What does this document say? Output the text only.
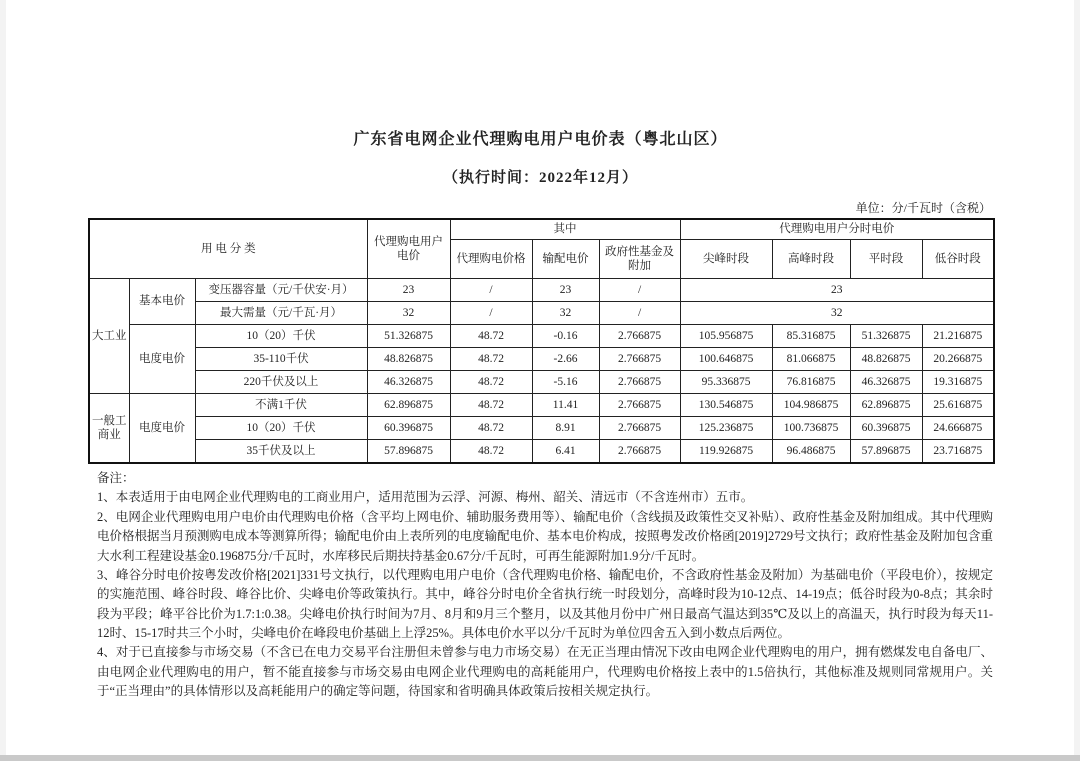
广东省电网企业代理购电用户电价表（粤北山区）
（执行时间：2022年12月）
单位：分/千瓦时（含税）
用 电 分 类			代理购电用户电价	其中			代理购电用户分时电价			
				代理购电价格	输配电价	政府性基金及附加	尖峰时段	高峰时段	平时段	低谷时段
大工业	基本电价	变压器容量（元/千伏安·月）	23	/	23	/	23			
		最大需量（元/千瓦·月）	32	/	32	/	32			
	电度电价	10（20）千伏	51.326875	48.72	-0.16	2.766875	105.956875	85.316875	51.326875	21.216875
		35-110千伏	48.826875	48.72	-2.66	2.766875	100.646875	81.066875	48.826875	20.266875
		220千伏及以上	46.326875	48.72	-5.16	2.766875	95.336875	76.816875	46.326875	19.316875
一般工商业	电度电价	不满1千伏	62.896875	48.72	11.41	2.766875	130.546875	104.986875	62.896875	25.616875
		10（20）千伏	60.396875	48.72	8.91	2.766875	125.236875	100.736875	60.396875	24.666875
		35千伏及以上	57.896875	48.72	6.41	2.766875	119.926875	96.486875	57.896875	23.716875

备注：

1、本表适用于由电网企业代理购电的工商业用户，适用范围为云浮、河源、梅州、韶关、清远市（不含连州市）五市。

2、电网企业代理购电用户电价由代理购电价格（含平均上网电价、辅助服务费用等）、输配电价（含线损及政策性交叉补贴）、政府性基金及附加组成。其中代理购电价格根据当月预测购电成本等测算所得；输配电价由上表所列的电度输配电价、基本电价构成，按照粤发改价格函[2019]2729号文执行；政府性基金及附加包含重大水利工程建设基金0.196875分/千瓦时，水库移民后期扶持基金0.67分/千瓦时，可再生能源附加1.9分/千瓦时。

3、峰谷分时电价按粤发改价格[2021]331号文执行，以代理购电用户电价（含代理购电价格、输配电价，不含政府性基金及附加）为基础电价（平段电价），按规定的实施范围、峰谷时段、峰谷比价、尖峰电价等政策执行。其中，峰谷分时电价全省执行统一时段划分，高峰时段为10-12点、14-19点；低谷时段为0-8点；其余时段为平段；峰平谷比价为1.7:1:0.38。尖峰电价执行时间为7月、8月和9月三个整月，以及其他月份中广州日最高气温达到35℃及以上的高温天，执行时段为每天11-12时、15-17时共三个小时，尖峰电价在峰段电价基础上上浮25%。具体电价水平以分/千瓦时为单位四舍五入到小数点后两位。

4、对于已直接参与市场交易（不含已在电力交易平台注册但未曾参与电力市场交易）在无正当理由情况下改由电网企业代理购电的用户，拥有燃煤发电自备电厂、由电网企业代理购电的用户，暂不能直接参与市场交易由电网企业代理购电的高耗能用户，代理购电价格按上表中的1.5倍执行，其他标准及规则同常规用户。关于“正当理由”的具体情形以及高耗能用户的确定等问题，待国家和省明确具体政策后按相关规定执行。
